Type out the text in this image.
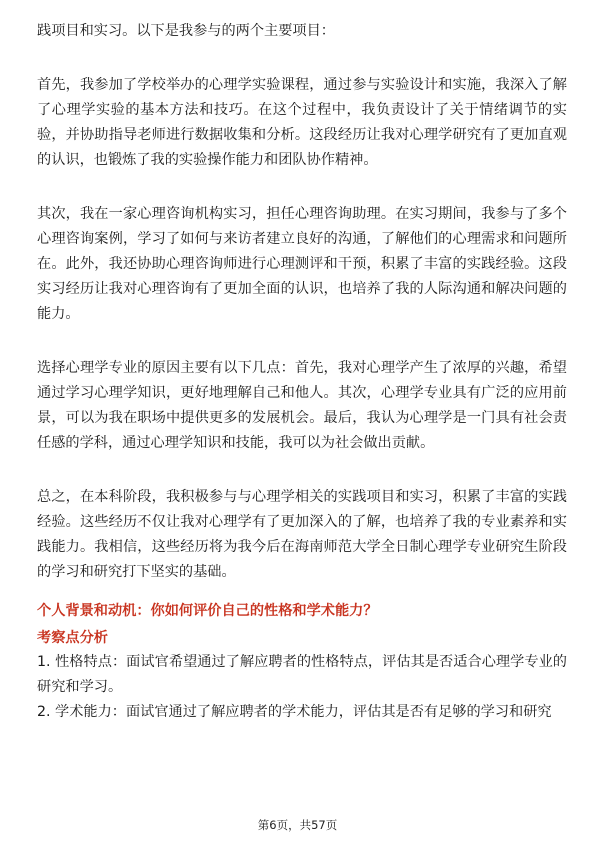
践项目和实习。以下是我参与的两个主要项目：

首先，我参加了学校举办的心理学实验课程，通过参与实验设计和实施，我深入了解了心理学实验的基本方法和技巧。在这个过程中，我负责设计了关于情绪调节的实验，并协助指导老师进行数据收集和分析。这段经历让我对心理学研究有了更加直观的认识，也锻炼了我的实验操作能力和团队协作精神。

其次，我在一家心理咨询机构实习，担任心理咨询助理。在实习期间，我参与了多个心理咨询案例，学习了如何与来访者建立良好的沟通，了解他们的心理需求和问题所在。此外，我还协助心理咨询师进行心理测评和干预，积累了丰富的实践经验。这段实习经历让我对心理咨询有了更加全面的认识，也培养了我的人际沟通和解决问题的能力。

选择心理学专业的原因主要有以下几点：首先，我对心理学产生了浓厚的兴趣，希望通过学习心理学知识，更好地理解自己和他人。其次，心理学专业具有广泛的应用前景，可以为我在职场中提供更多的发展机会。最后，我认为心理学是一门具有社会责任感的学科，通过心理学知识和技能，我可以为社会做出贡献。

总之，在本科阶段，我积极参与与心理学相关的实践项目和实习，积累了丰富的实践经验。这些经历不仅让我对心理学有了更加深入的了解，也培养了我的专业素养和实践能力。我相信，这些经历将为我今后在海南师范大学全日制心理学专业研究生阶段的学习和研究打下坚实的基础。

个人背景和动机：你如何评价自己的性格和学术能力？

考察点分析

1. 性格特点：面试官希望通过了解应聘者的性格特点，评估其是否适合心理学专业的研究和学习。

2. 学术能力：面试官通过了解应聘者的学术能力，评估其是否有足够的学习和研究

第6页，共57页
